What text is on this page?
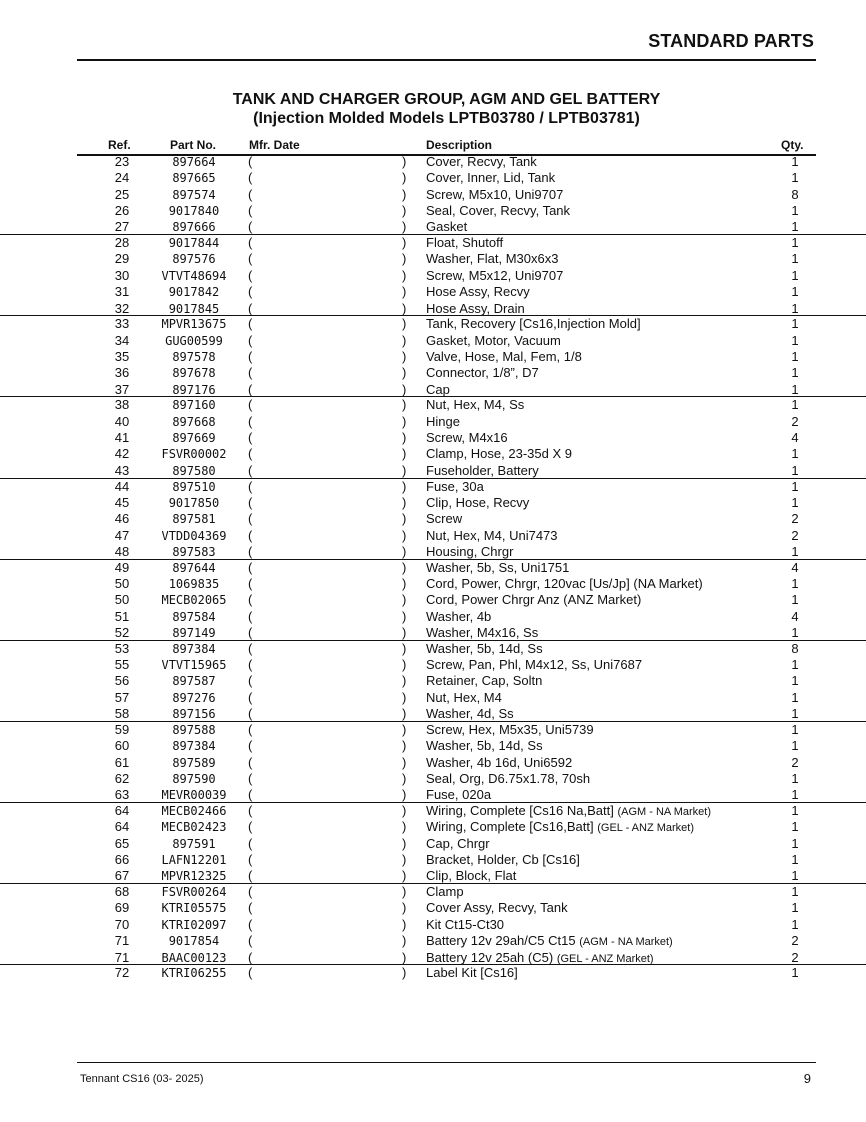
STANDARD PARTS
TANK AND CHARGER GROUP, AGM AND GEL BATTERY
(Injection Molded Models LPTB03780 / LPTB03781)
Ref.	Part No.	Mfr. Date	Description	Qty.
23	897664	(	) Cover, Recvy, Tank	1
24	897665	(	) Cover, Inner, Lid, Tank	1
25	897574	(	) Screw, M5x10, Uni9707	8
26	9017840	(	) Seal, Cover, Recvy, Tank	1
27	897666	(	) Gasket	1
28	9017844	(	) Float, Shutoff	1
29	897576	(	) Washer, Flat, M30x6x3	1
30	VTVT48694	(	) Screw, M5x12, Uni9707	1
31	9017842	(	) Hose Assy, Recvy	1
32	9017845	(	) Hose Assy, Drain	1
33	MPVR13675	(	) Tank, Recovery [Cs16,Injection Mold]	1
34	GUG00599	(	) Gasket, Motor, Vacuum	1
35	897578	(	) Valve, Hose, Mal, Fem, 1/8	1
36	897678	(	) Connector, 1/8”, D7	1
37	897176	(	) Cap	1
38	897160	(	) Nut, Hex, M4, Ss	1
40	897668	(	) Hinge	2
41	897669	(	) Screw, M4x16	4
42	FSVR00002	(	) Clamp, Hose, 23-35d X 9	1
43	897580	(	) Fuseholder, Battery	1
44	897510	(	) Fuse, 30a	1
45	9017850	(	) Clip, Hose, Recvy	1
46	897581	(	) Screw	2
47	VTDD04369	(	) Nut, Hex, M4, Uni7473	2
48	897583	(	) Housing, Chrgr	1
49	897644	(	) Washer, 5b, Ss, Uni1751	4
50	1069835	(	) Cord, Power, Chrgr, 120vac [Us/Jp] (NA Market)	1
50	MECB02065	(	) Cord, Power Chrgr Anz (ANZ Market)	1
51	897584	(	) Washer, 4b	4
52	897149	(	) Washer, M4x16, Ss	1
53	897384	(	) Washer, 5b, 14d, Ss	8
55	VTVT15965	(	) Screw, Pan, Phl, M4x12, Ss, Uni7687	1
56	897587	(	) Retainer, Cap, Soltn	1
57	897276	(	) Nut, Hex, M4	1
58	897156	(	) Washer, 4d, Ss	1
59	897588	(	) Screw, Hex, M5x35, Uni5739	1
60	897384	(	) Washer, 5b, 14d, Ss	1
61	897589	(	) Washer, 4b 16d, Uni6592	2
62	897590	(	) Seal, Org, D6.75x1.78, 70sh	1
63	MEVR00039	(	) Fuse, 020a	1
64	MECB02466	(	) Wiring, Complete [Cs16 Na,Batt] (AGM - NA Market)	1
64	MECB02423	(	) Wiring, Complete [Cs16,Batt] (GEL - ANZ Market)	1
65	897591	(	) Cap, Chrgr	1
66	LAFN12201	(	) Bracket, Holder, Cb [Cs16]	1
67	MPVR12325	(	) Clip, Block, Flat	1
68	FSVR00264	(	) Clamp	1
69	KTRI05575	(	) Cover Assy, Recvy, Tank	1
70	KTRI02097	(	) Kit Ct15-Ct30	1
71	9017854	(	) Battery 12v 29ah/C5 Ct15 (AGM - NA Market)	2
71	BAAC00123	(	) Battery 12v 25ah (C5) (GEL - ANZ Market)	2
72	KTRI06255	(	) Label Kit [Cs16]	1
Tennant CS16 (03- 2025)	9
